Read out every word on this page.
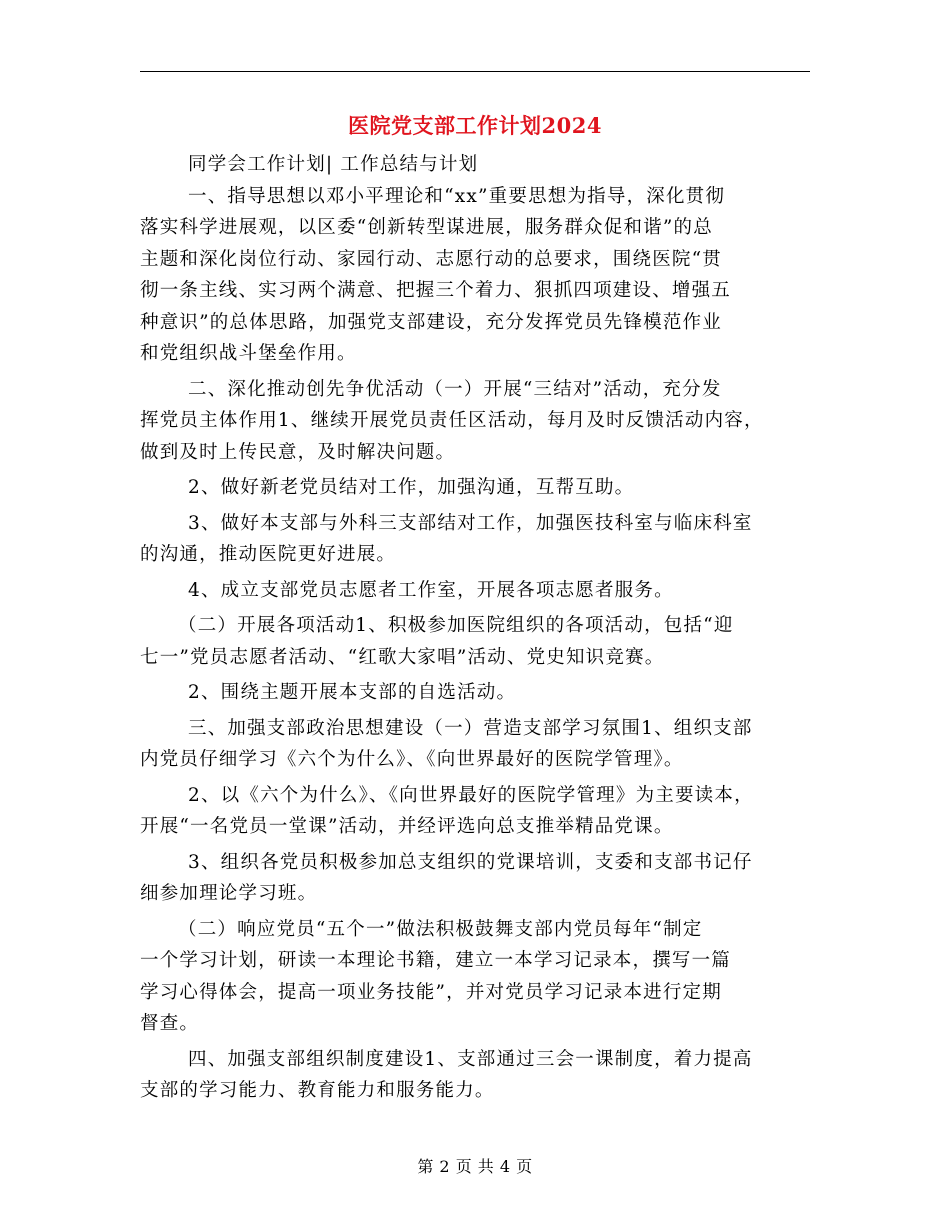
医院党支部工作计划2024
同学会工作计划| 工作总结与计划
一、指导思想以邓小平理论和“xx”重要思想为指导，深化贯彻
落实科学进展观，以区委“创新转型谋进展，服务群众促和谐”的总
主题和深化岗位行动、家园行动、志愿行动的总要求，围绕医院“贯
彻一条主线、实习两个满意、把握三个着力、狠抓四项建设、增强五
种意识”的总体思路，加强党支部建设，充分发挥党员先锋模范作业
和党组织战斗堡垒作用。
二、深化推动创先争优活动（一）开展“三结对”活动，充分发
挥党员主体作用1、继续开展党员责任区活动，每月及时反馈活动内容，
做到及时上传民意，及时解决问题。
2、做好新老党员结对工作，加强沟通，互帮互助。
3、做好本支部与外科三支部结对工作，加强医技科室与临床科室
的沟通，推动医院更好进展。
4、成立支部党员志愿者工作室，开展各项志愿者服务。
（二）开展各项活动1、积极参加医院组织的各项活动，包括“迎
七一”党员志愿者活动、“红歌大家唱”活动、党史知识竞赛。
2、围绕主题开展本支部的自选活动。
三、加强支部政治思想建设（一）营造支部学习氛围1、组织支部
内党员仔细学习《六个为什么》、《向世界最好的医院学管理》。
2、以《六个为什么》、《向世界最好的医院学管理》为主要读本，
开展“一名党员一堂课”活动，并经评选向总支推举精品党课。
3、组织各党员积极参加总支组织的党课培训，支委和支部书记仔
细参加理论学习班。
（二）响应党员“五个一”做法积极鼓舞支部内党员每年“制定
一个学习计划，研读一本理论书籍，建立一本学习记录本，撰写一篇
学习心得体会，提高一项业务技能”，并对党员学习记录本进行定期
督查。
四、加强支部组织制度建设1、支部通过三会一课制度，着力提高
支部的学习能力、教育能力和服务能力。
第 2 页 共 4 页
